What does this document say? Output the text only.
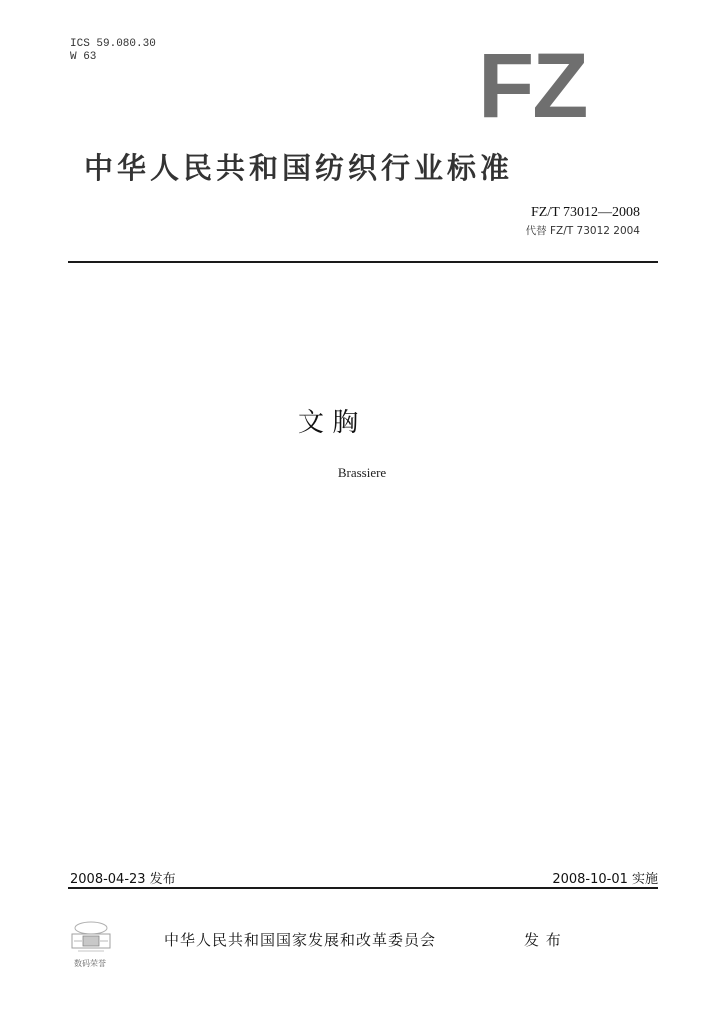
ICS 59.080.30
W 63	FZ
中华人民共和国纺织行业标准
FZ/T 73012—2008
代替 FZ/T 73012 2004
文 胸
Brassiere
2008-04-23 发布	2008-10-01 实施
数码荣誉
中华人民共和国国家发展和改革委员会	发 布
